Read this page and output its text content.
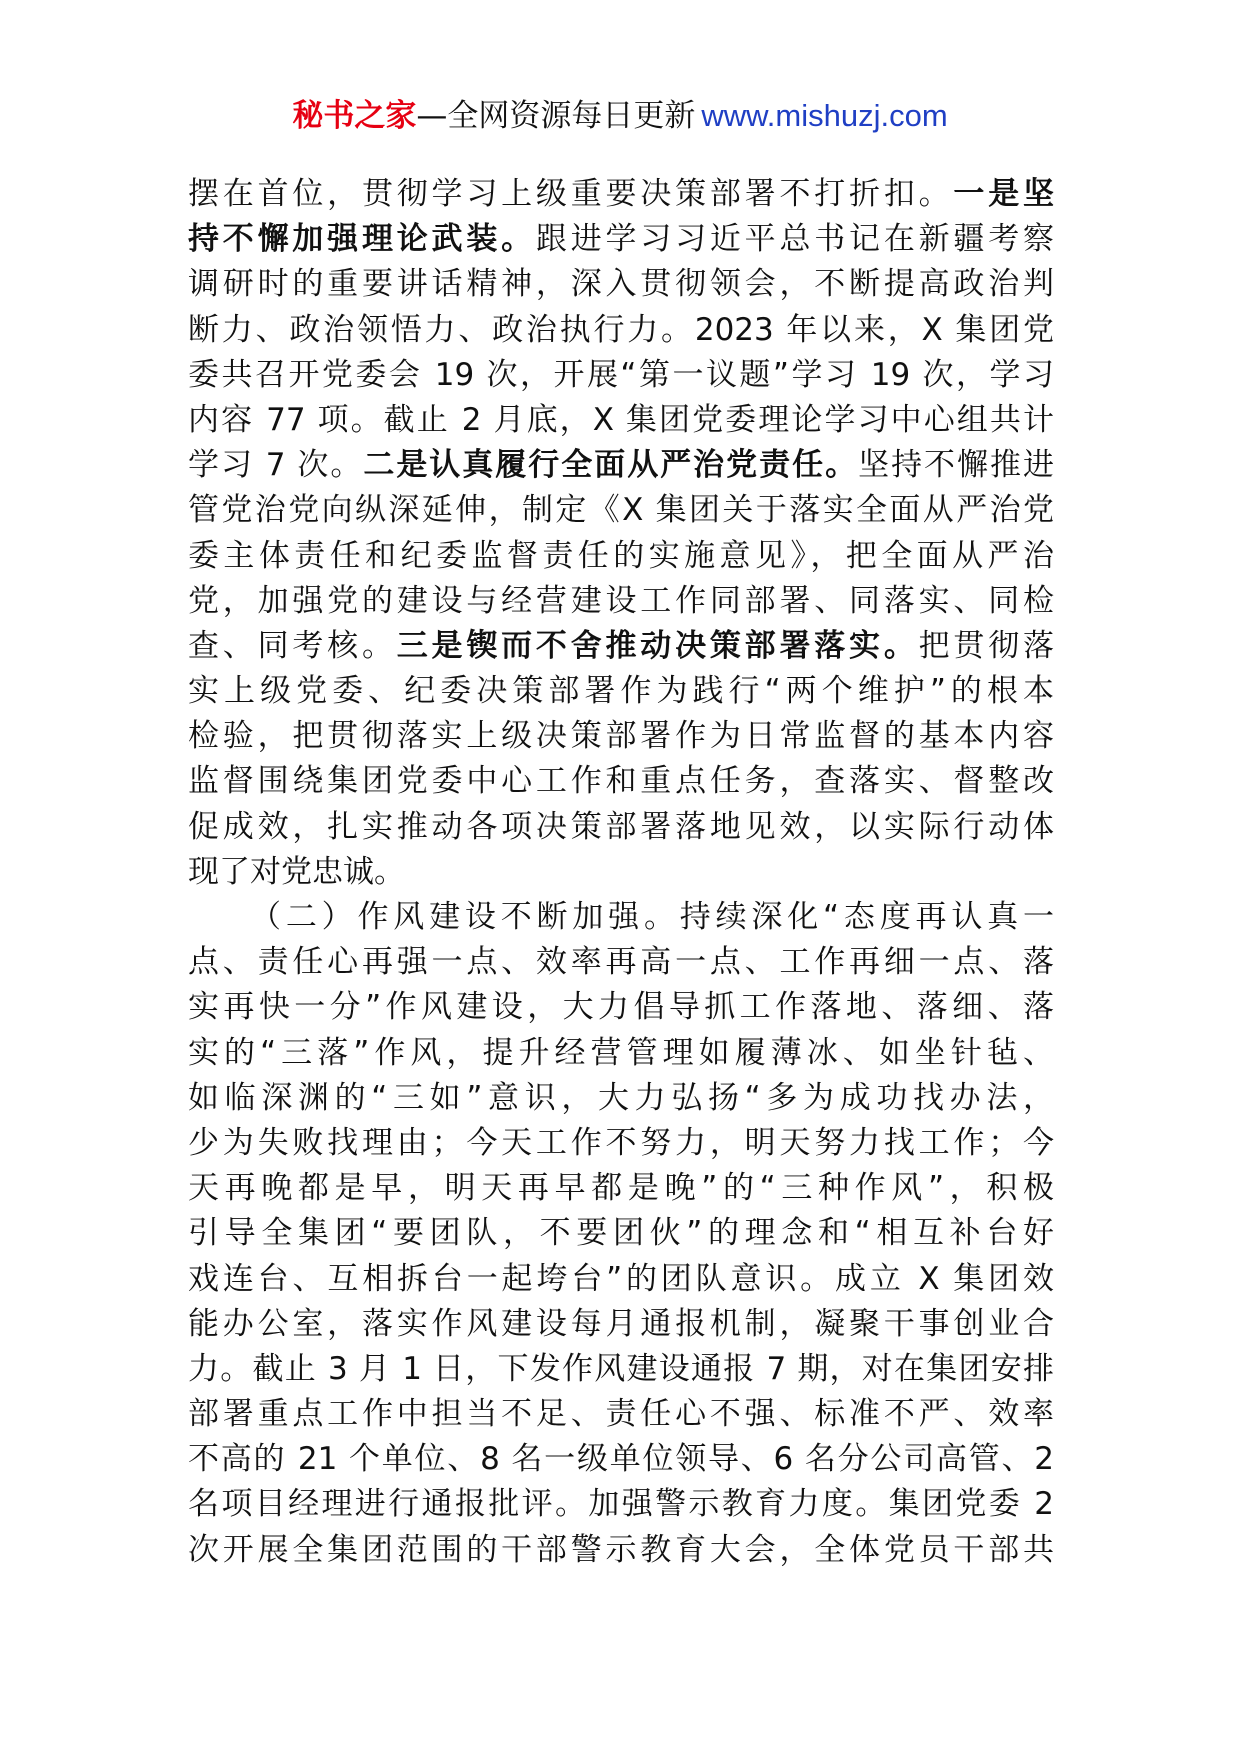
秘书之家—全网资源每日更新 www.mishuzj.com
摆在首位，贯彻学习上级重要决策部署不打折扣。一是坚
持不懈加强理论武装。跟进学习习近平总书记在新疆考察
调研时的重要讲话精神，深入贯彻领会，不断提高政治判
断力、政治领悟力、政治执行力。2023 年以来，X 集团党
委共召开党委会 19 次，开展“第一议题”学习 19 次，学习
内容 77 项。截止 2 月底，X 集团党委理论学习中心组共计
学习 7 次。二是认真履行全面从严治党责任。坚持不懈推进
管党治党向纵深延伸，制定《X 集团关于落实全面从严治党
委主体责任和纪委监督责任的实施意见》，把全面从严治
党，加强党的建设与经营建设工作同部署、同落实、同检
查、同考核。三是锲而不舍推动决策部署落实。把贯彻落
实上级党委、纪委决策部署作为践行“两个维护”的根本
检验，把贯彻落实上级决策部署作为日常监督的基本内容
监督围绕集团党委中心工作和重点任务，查落实、督整改
促成效，扎实推动各项决策部署落地见效，以实际行动体
现了对党忠诚。
（二）作风建设不断加强。持续深化“态度再认真一
点、责任心再强一点、效率再高一点、工作再细一点、落
实再快一分”作风建设，大力倡导抓工作落地、落细、落
实的“三落”作风，提升经营管理如履薄冰、如坐针毡、
如临深渊的“三如”意识，大力弘扬“多为成功找办法，
少为失败找理由；今天工作不努力，明天努力找工作；今
天再晚都是早，明天再早都是晚”的“三种作风”，积极
引导全集团“要团队，不要团伙”的理念和“相互补台好
戏连台、互相拆台一起垮台”的团队意识。成立 X 集团效
能办公室，落实作风建设每月通报机制，凝聚干事创业合
力。截止 3 月 1 日，下发作风建设通报 7 期，对在集团安排
部署重点工作中担当不足、责任心不强、标准不严、效率
不高的 21 个单位、8 名一级单位领导、6 名分公司高管、2
名项目经理进行通报批评。加强警示教育力度。集团党委 2
次开展全集团范围的干部警示教育大会，全体党员干部共
